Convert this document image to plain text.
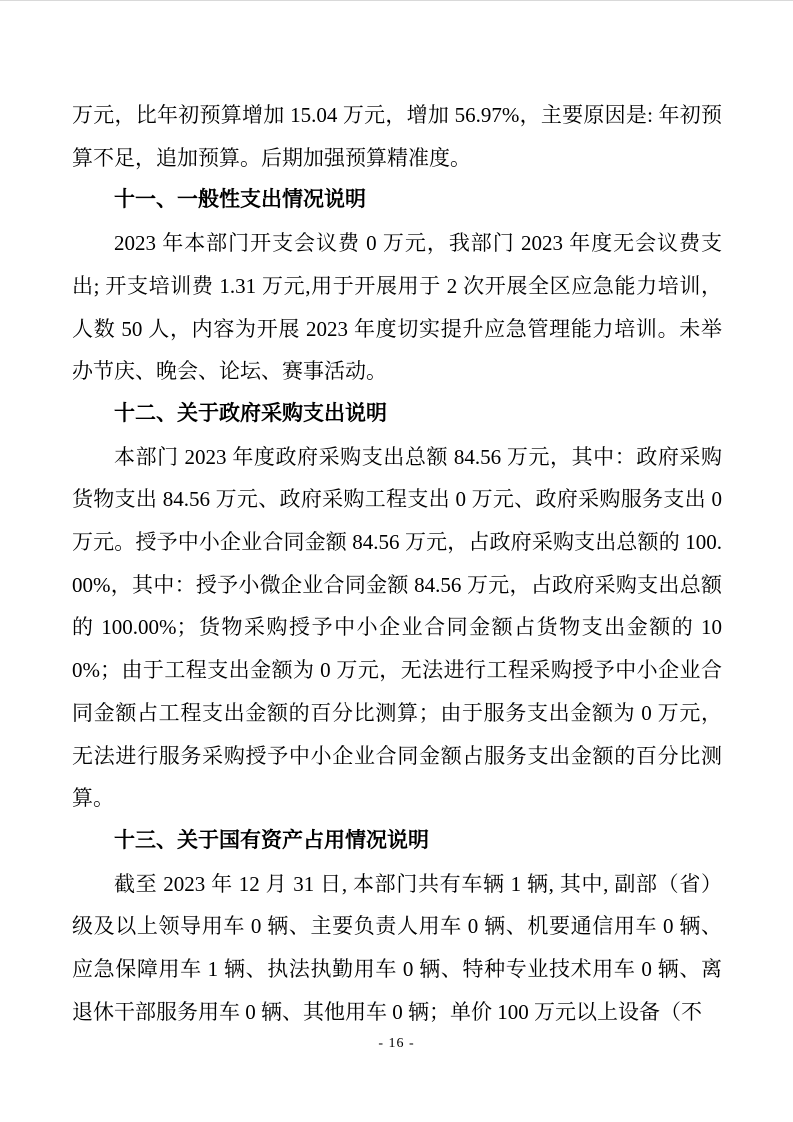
万元，比年初预算增加 15.04 万元，增加 56.97%，主要原因是: 年初预算不足，追加预算。后期加强预算精准度。

十一、一般性支出情况说明

2023 年本部门开支会议费 0 万元，我部门 2023 年度无会议费支出; 开支培训费 1.31 万元,用于开展用于 2 次开展全区应急能力培训，人数 50 人，内容为开展 2023 年度切实提升应急管理能力培训。未举办节庆、晚会、论坛、赛事活动。

十二、关于政府采购支出说明

本部门 2023 年度政府采购支出总额 84.56 万元，其中：政府采购货物支出 84.56 万元、政府采购工程支出 0 万元、政府采购服务支出 0 万元。授予中小企业合同金额 84.56 万元，占政府采购支出总额的 100.00%，其中：授予小微企业合同金额 84.56 万元，占政府采购支出总额的 100.00%；货物采购授予中小企业合同金额占货物支出金额的 100%；由于工程支出金额为 0 万元，无法进行工程采购授予中小企业合同金额占工程支出金额的百分比测算；由于服务支出金额为 0 万元，无法进行服务采购授予中小企业合同金额占服务支出金额的百分比测算。

十三、关于国有资产占用情况说明

截至 2023 年 12 月 31 日, 本部门共有车辆 1 辆, 其中, 副部（省）级及以上领导用车 0 辆、主要负责人用车 0 辆、机要通信用车 0 辆、应急保障用车 1 辆、执法执勤用车 0 辆、特种专业技术用车 0 辆、离退休干部服务用车 0 辆、其他用车 0 辆；单价 100 万元以上设备（不

- 16 -
